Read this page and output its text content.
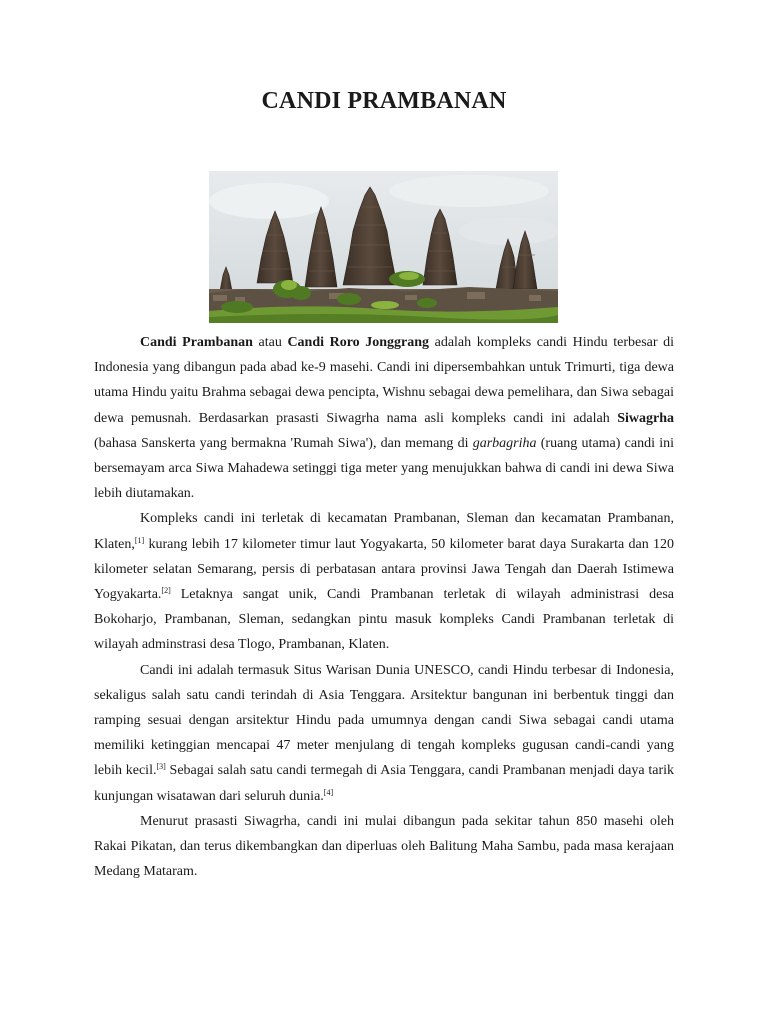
CANDI PRAMBANAN

Candi Prambanan atau Candi Roro Jonggrang adalah kompleks candi Hindu terbesar di Indonesia yang dibangun pada abad ke-9 masehi. Candi ini dipersembahkan untuk Trimurti, tiga dewa utama Hindu yaitu Brahma sebagai dewa pencipta, Wishnu sebagai dewa pemelihara, dan Siwa sebagai dewa pemusnah. Berdasarkan prasasti Siwagrha nama asli kompleks candi ini adalah Siwagrha (bahasa Sanskerta yang bermakna 'Rumah Siwa'), dan memang di garbagriha (ruang utama) candi ini bersemayam arca Siwa Mahadewa setinggi tiga meter yang menujukkan bahwa di candi ini dewa Siwa lebih diutamakan.

Kompleks candi ini terletak di kecamatan Prambanan, Sleman dan kecamatan Prambanan, Klaten,[1] kurang lebih 17 kilometer timur laut Yogyakarta, 50 kilometer barat daya Surakarta dan 120 kilometer selatan Semarang, persis di perbatasan antara provinsi Jawa Tengah dan Daerah Istimewa Yogyakarta.[2] Letaknya sangat unik, Candi Prambanan terletak di wilayah administrasi desa Bokoharjo, Prambanan, Sleman, sedangkan pintu masuk kompleks Candi Prambanan terletak di wilayah adminstrasi desa Tlogo, Prambanan, Klaten.

Candi ini adalah termasuk Situs Warisan Dunia UNESCO, candi Hindu terbesar di Indonesia, sekaligus salah satu candi terindah di Asia Tenggara. Arsitektur bangunan ini berbentuk tinggi dan ramping sesuai dengan arsitektur Hindu pada umumnya dengan candi Siwa sebagai candi utama memiliki ketinggian mencapai 47 meter menjulang di tengah kompleks gugusan candi-candi yang lebih kecil.[3] Sebagai salah satu candi termegah di Asia Tenggara, candi Prambanan menjadi daya tarik kunjungan wisatawan dari seluruh dunia.[4]

Menurut prasasti Siwagrha, candi ini mulai dibangun pada sekitar tahun 850 masehi oleh Rakai Pikatan, dan terus dikembangkan dan diperluas oleh Balitung Maha Sambu, pada masa kerajaan Medang Mataram.
